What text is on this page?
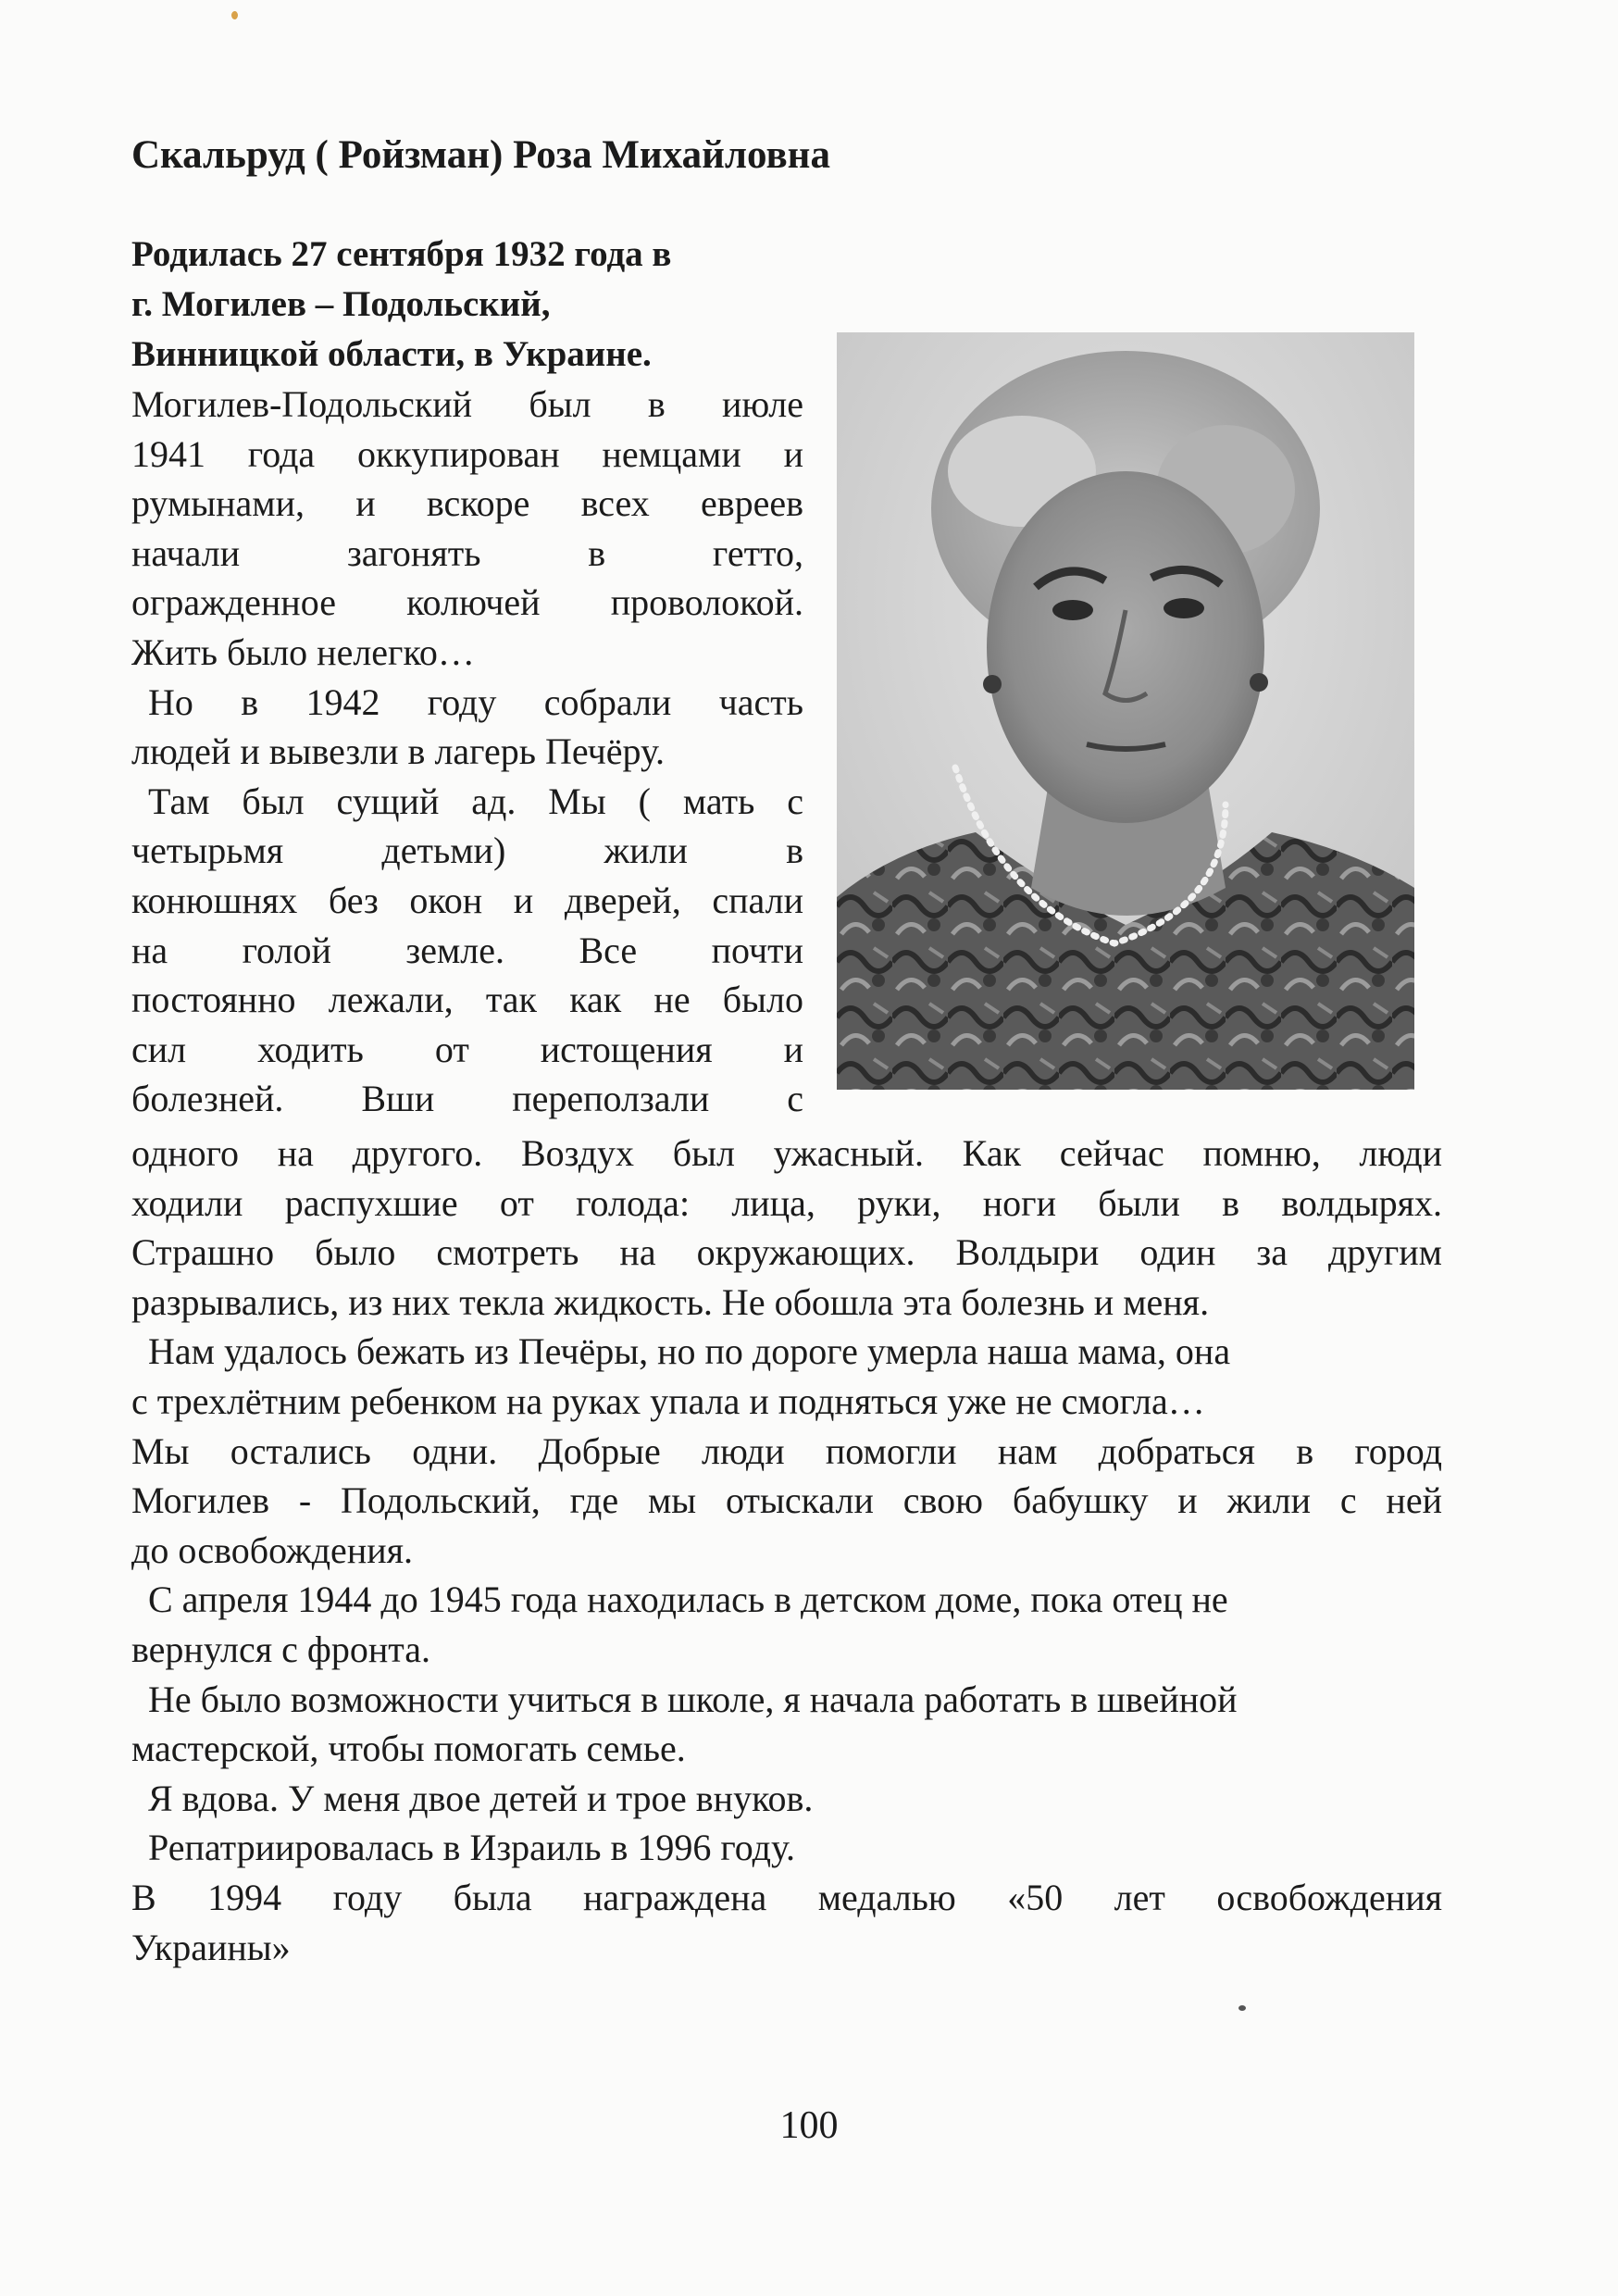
Скальруд ( Ройзман) Роза Михайловна
Родилась 27 сентября 1932 года в
г. Могилев – Подольский,
Винницкой области, в Украине.
Могилев-Подольский был в июле
1941 года оккупирован немцами и
румынами, и вскоре всех евреев
начали загонять в гетто,
огражденное колючей проволокой.
Жить было нелегко…
Но в 1942 году собрали часть
людей и вывезли в лагерь Печёру.
Там был сущий ад. Мы ( мать с
четырьмя детьми) жили в
конюшнях без окон и дверей, спали
на голой земле. Все почти
постоянно лежали, так как не было
сил ходить от истощения и
болезней. Вши переползали с
одного на другого. Воздух был ужасный. Как сейчас помню, люди
ходили распухшие от голода: лица, руки, ноги были в волдырях.
Страшно было смотреть на окружающих. Волдыри один за другим
разрывались, из них текла жидкость. Не обошла эта болезнь и меня.
Нам удалось бежать из Печёры, но по дороге умерла наша мама, она
с трехлётним ребенком на руках упала и подняться уже не смогла…
Мы остались одни. Добрые люди помогли нам добраться в город
Могилев - Подольский, где мы отыскали свою бабушку и жили с ней
до освобождения.
С апреля 1944 до 1945 года находилась в детском доме, пока отец не
вернулся с фронта.
Не было возможности учиться в школе, я начала работать в швейной
мастерской, чтобы помогать семье.
Я вдова. У меня двое детей и трое внуков.
Репатриировалась в Израиль в 1996 году.
В 1994 году была награждена медалью «50 лет освобождения
Украины»
100
